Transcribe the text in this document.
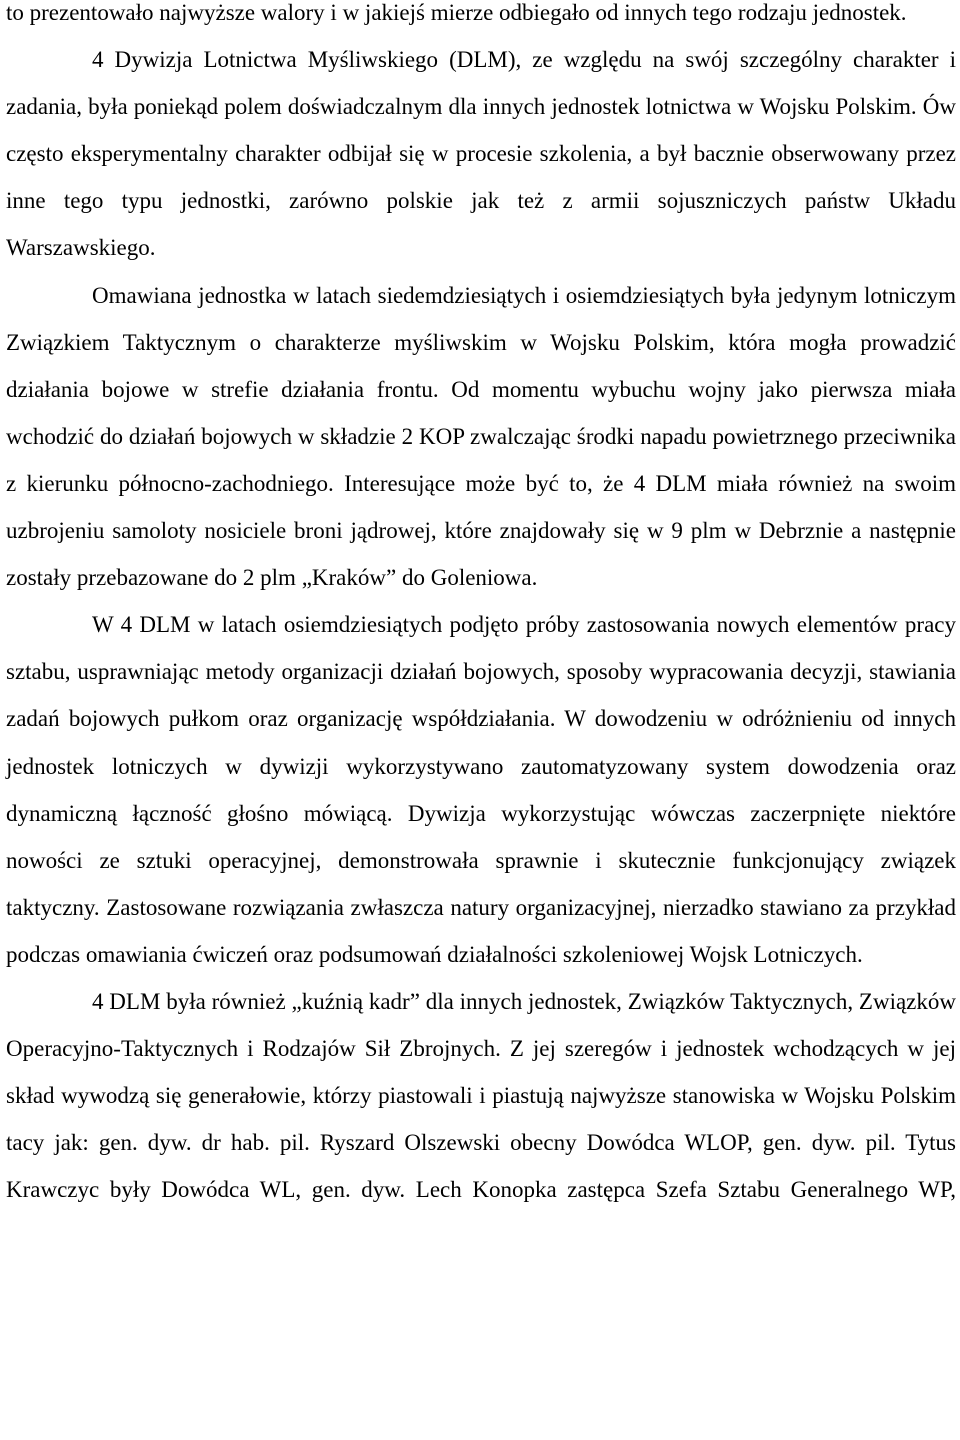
to prezentowało najwyższe walory i w jakiejś mierze odbiegało od innych tego rodzaju jednostek.

4 Dywizja Lotnictwa Myśliwskiego (DLM), ze względu na swój szczególny charakter i zadania, była poniekąd polem doświadczalnym dla innych jednostek lotnictwa w Wojsku Polskim. Ów często eksperymentalny charakter odbijał się w procesie szkolenia, a był bacznie obserwowany przez inne tego typu jednostki, zarówno polskie jak też z armii sojuszniczych państw Układu Warszawskiego.

Omawiana jednostka w latach siedemdziesiątych i osiemdziesiątych była jedynym lotniczym Związkiem Taktycznym o charakterze myśliwskim w Wojsku Polskim, która mogła prowadzić działania bojowe w strefie działania frontu. Od momentu wybuchu wojny jako pierwsza miała wchodzić do działań bojowych w składzie 2 KOP zwalczając środki napadu powietrznego przeciwnika z kierunku północno-zachodniego. Interesujące może być to, że 4 DLM miała również na swoim uzbrojeniu samoloty nosiciele broni jądrowej, które znajdowały się w 9 plm w Debrznie a następnie zostały przebazowane do 2 plm „Kraków” do Goleniowa.

W 4 DLM w latach osiemdziesiątych podjęto próby zastosowania nowych elementów pracy sztabu, usprawniając metody organizacji działań bojowych, sposoby wypracowania decyzji, stawiania zadań bojowych pułkom oraz organizację współdziałania. W dowodzeniu w odróżnieniu od innych jednostek lotniczych w dywizji wykorzystywano zautomatyzowany system dowodzenia oraz dynamiczną łączność głośno mówiącą. Dywizja wykorzystując wówczas zaczerpnięte niektóre nowości ze sztuki operacyjnej, demonstrowała sprawnie i skutecznie funkcjonujący związek taktyczny. Zastosowane rozwiązania zwłaszcza natury organizacyjnej, nierzadko stawiano za przykład podczas omawiania ćwiczeń oraz podsumowań działalności szkoleniowej Wojsk Lotniczych.

4 DLM była również „kuźnią kadr” dla innych jednostek, Związków Taktycznych, Związków Operacyjno-Taktycznych i Rodzajów Sił Zbrojnych. Z jej szeregów i jednostek wchodzących w jej skład wywodzą się generałowie, którzy piastowali i piastują najwyższe stanowiska w Wojsku Polskim tacy jak: gen. dyw. dr hab. pil. Ryszard Olszewski obecny Dowódca WLOP, gen. dyw. pil. Tytus Krawczyc były Dowódca WL, gen. dyw. Lech Konopka zastępca Szefa Sztabu Generalnego WP,
